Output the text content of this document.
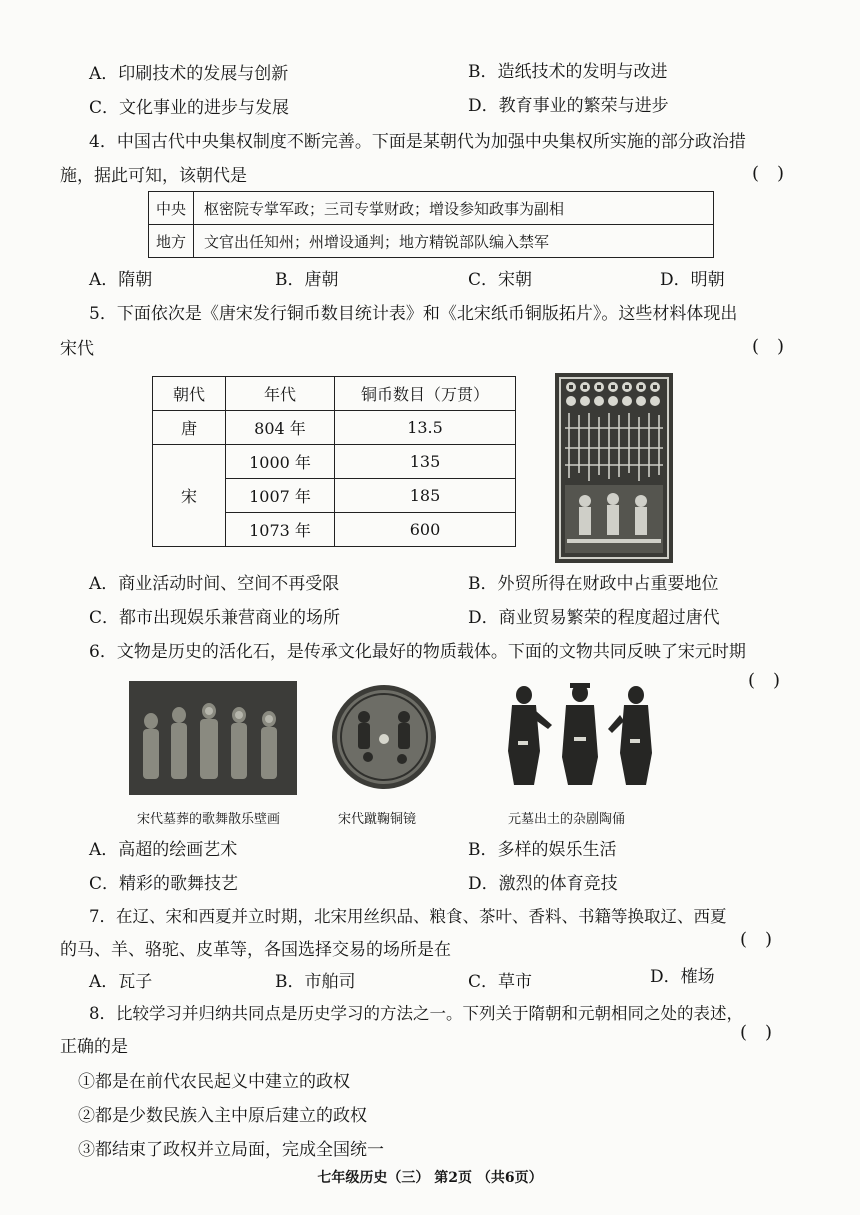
A．印刷技术的发展与创新	B．造纸技术的发明与改进
C．文化事业的进步与发展	D．教育事业的繁荣与进步
4．中国古代中央集权制度不断完善。下面是某朝代为加强中央集权所实施的部分政治措
施，据此可知，该朝代是	()
中央	枢密院专掌军政；三司专掌财政；增设参知政事为副相
地方	文官出任知州；州增设通判；地方精锐部队编入禁军
A．隋朝	B．唐朝	C．宋朝	D．明朝
5．下面依次是《唐宋发行铜币数目统计表》和《北宋纸币铜版拓片》。这些材料体现出
宋代	()
朝代	年代	铜币数目（万贯）
唐	804 年	13.5
宋	1000 年	135
	1007 年	185
	1073 年	600
A．商业活动时间、空间不再受限	B．外贸所得在财政中占重要地位
C．都市出现娱乐兼营商业的场所	D．商业贸易繁荣的程度超过唐代
6．文物是历史的活化石，是传承文化最好的物质载体。下面的文物共同反映了宋元时期
()
宋代墓葬的歌舞散乐壁画	宋代蹴鞠铜镜	元墓出土的杂剧陶俑
A．高超的绘画艺术	B．多样的娱乐生活
C．精彩的歌舞技艺	D．激烈的体育竞技
7．在辽、宋和西夏并立时期，北宋用丝织品、粮食、茶叶、香料、书籍等换取辽、西夏
的马、羊、骆驼、皮革等，各国选择交易的场所是在	()
A．瓦子	B．市舶司	C．草市	D．榷场
8．比较学习并归纳共同点是历史学习的方法之一。下列关于隋朝和元朝相同之处的表述，
正确的是
()
①都是在前代农民起义中建立的政权
②都是少数民族入主中原后建立的政权
③都结束了政权并立局面，完成全国统一
七年级历史（三） 第2页 （共6页）
